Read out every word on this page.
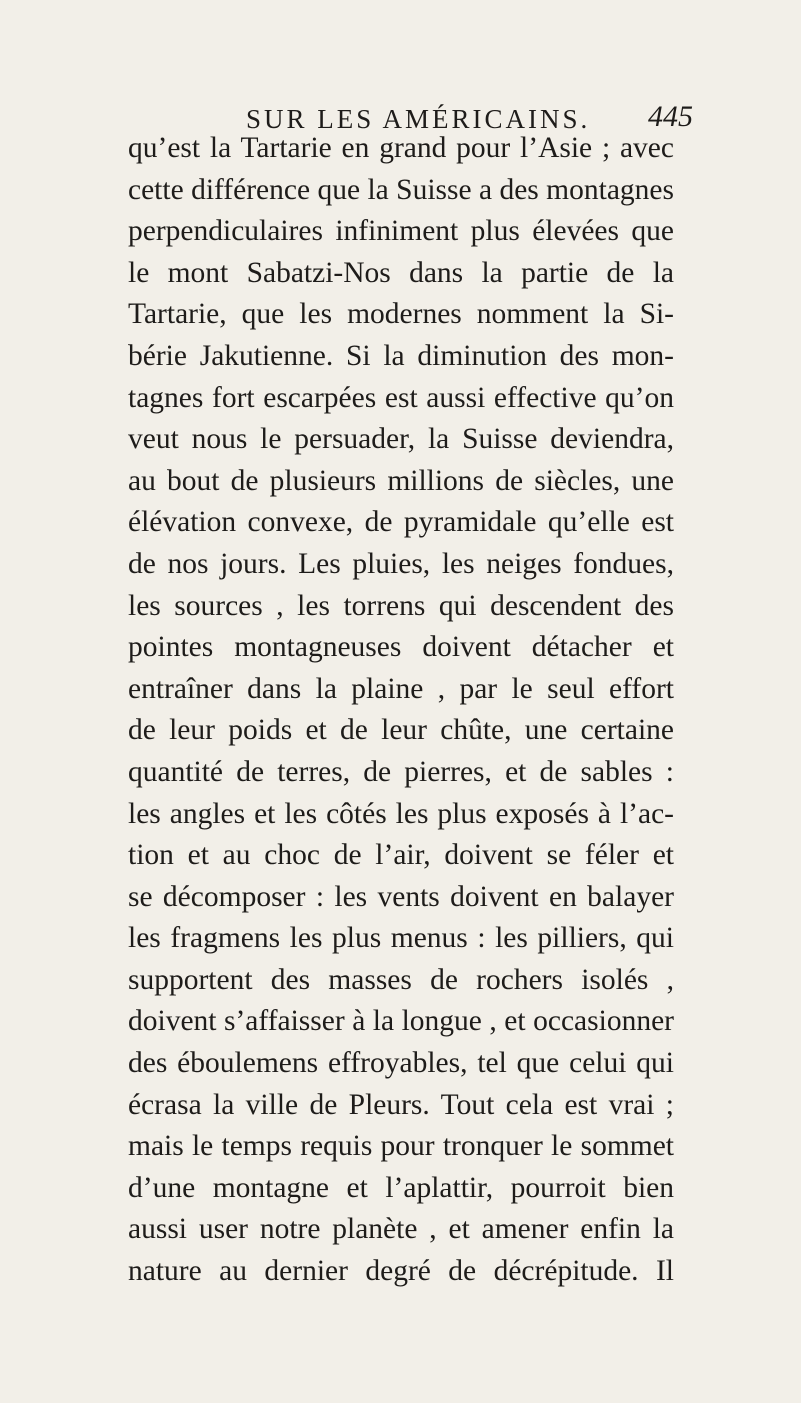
SUR LES AMÉRICAINS. 445
qu’est la Tartarie en grand pour l’Asie ; avec
cette différence que la Suisse a des montagnes
perpendiculaires infiniment plus élevées que
le mont Sabatzi-Nos dans la partie de la
Tartarie, que les modernes nomment la Si-
bérie Jakutienne. Si la diminution des mon-
tagnes fort escarpées est aussi effective qu’on
veut nous le persuader, la Suisse deviendra,
au bout de plusieurs millions de siècles, une
élévation convexe, de pyramidale qu’elle est
de nos jours. Les pluies, les neiges fondues,
les sources , les torrens qui descendent des
pointes montagneuses doivent détacher et
entraîner dans la plaine , par le seul effort
de leur poids et de leur chûte, une certaine
quantité de terres, de pierres, et de sables :
les angles et les côtés les plus exposés à l’ac-
tion et au choc de l’air, doivent se féler et
se décomposer : les vents doivent en balayer
les fragmens les plus menus : les pilliers, qui
supportent des masses de rochers isolés ,
doivent s’affaisser à la longue , et occasionner
des éboulemens effroyables, tel que celui qui
écrasa la ville de Pleurs. Tout cela est vrai ;
mais le temps requis pour tronquer le sommet
d’une montagne et l’aplattir, pourroit bien
aussi user notre planète , et amener enfin la
nature au dernier degré de décrépitude. Il
